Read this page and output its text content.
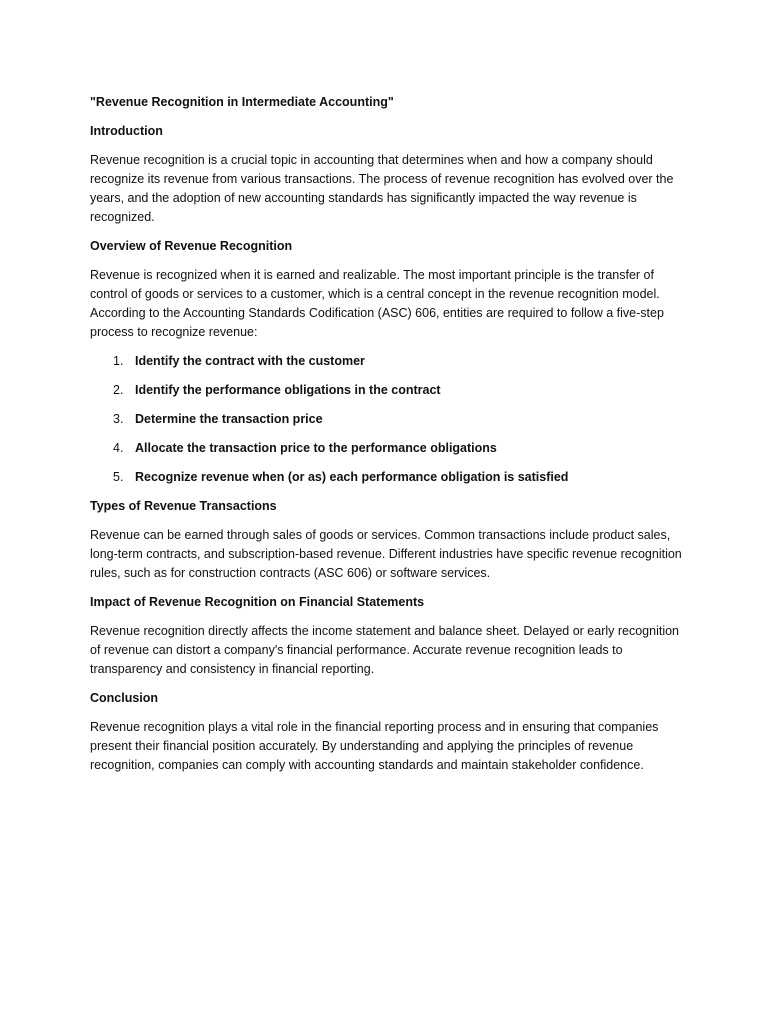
"Revenue Recognition in Intermediate Accounting"

Introduction

Revenue recognition is a crucial topic in accounting that determines when and how a company should recognize its revenue from various transactions. The process of revenue recognition has evolved over the years, and the adoption of new accounting standards has significantly impacted the way revenue is recognized.

Overview of Revenue Recognition

Revenue is recognized when it is earned and realizable. The most important principle is the transfer of control of goods or services to a customer, which is a central concept in the revenue recognition model. According to the Accounting Standards Codification (ASC) 606, entities are required to follow a five-step process to recognize revenue:

1. Identify the contract with the customer
2. Identify the performance obligations in the contract
3. Determine the transaction price
4. Allocate the transaction price to the performance obligations
5. Recognize revenue when (or as) each performance obligation is satisfied

Types of Revenue Transactions

Revenue can be earned through sales of goods or services. Common transactions include product sales, long-term contracts, and subscription-based revenue. Different industries have specific revenue recognition rules, such as for construction contracts (ASC 606) or software services.

Impact of Revenue Recognition on Financial Statements

Revenue recognition directly affects the income statement and balance sheet. Delayed or early recognition of revenue can distort a company's financial performance. Accurate revenue recognition leads to transparency and consistency in financial reporting.

Conclusion

Revenue recognition plays a vital role in the financial reporting process and in ensuring that companies present their financial position accurately. By understanding and applying the principles of revenue recognition, companies can comply with accounting standards and maintain stakeholder confidence.
